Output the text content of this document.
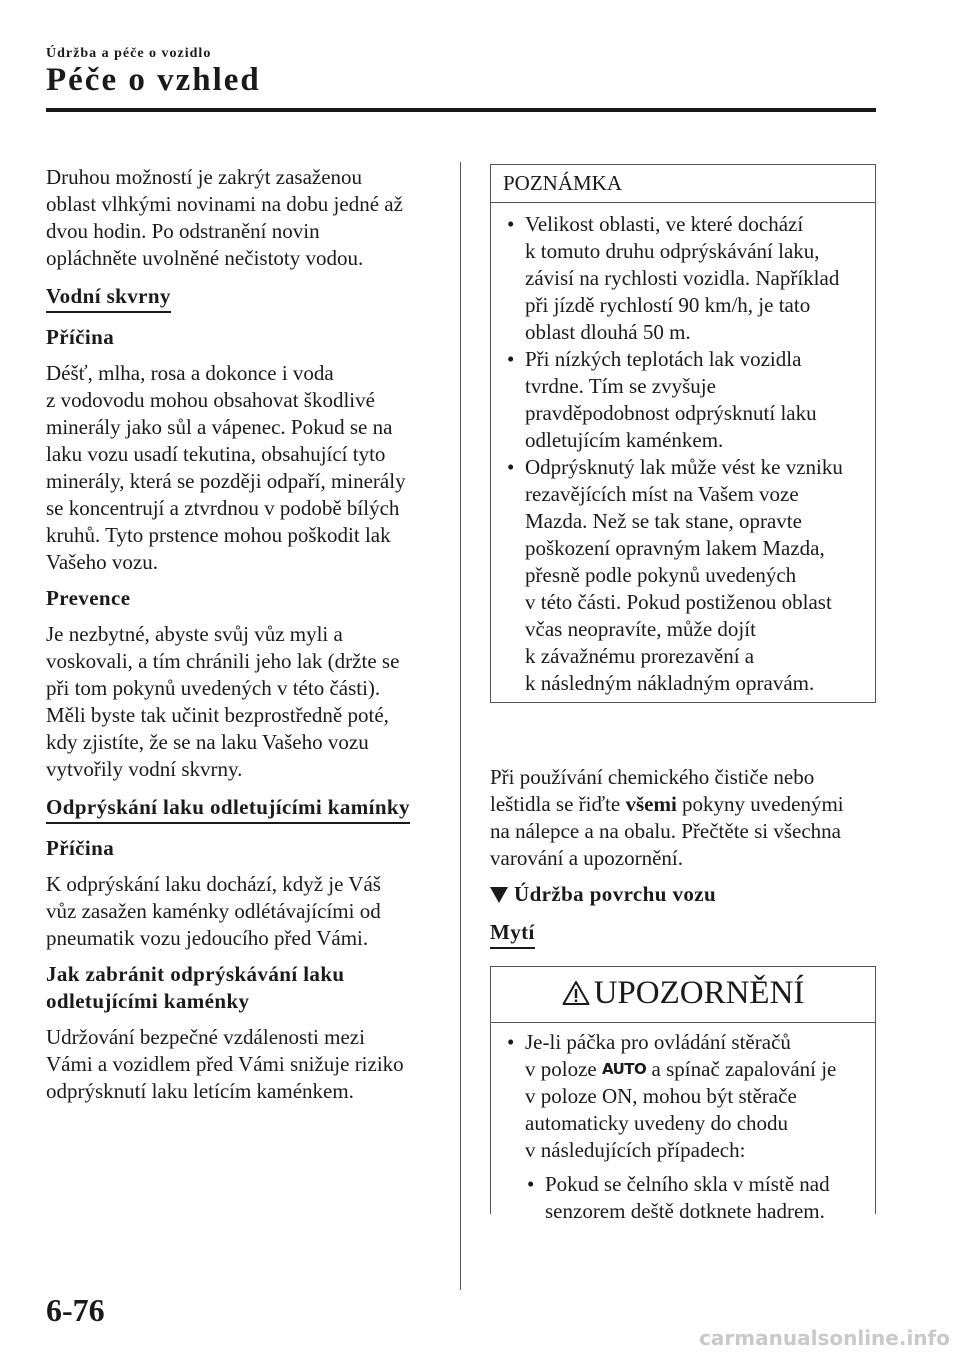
Údržba a péče o vozidlo
Péče o vzhled

Druhou možností je zakrýt zasaženou
oblast vlhkými novinami na dobu jedné až
dvou hodin. Po odstranění novin
opláchněte uvolněné nečistoty vodou.

Vodní skvrny
Příčina

Déšť, mlha, rosa a dokonce i voda
z vodovodu mohou obsahovat škodlivé
minerály jako sůl a vápenec. Pokud se na
laku vozu usadí tekutina, obsahující tyto
minerály, která se později odpaří, minerály
se koncentrují a ztvrdnou v podobě bílých
kruhů. Tyto prstence mohou poškodit lak
Vašeho vozu.

Prevence

Je nezbytné, abyste svůj vůz myli a
voskovali, a tím chránili jeho lak (držte se
při tom pokynů uvedených v této části).
Měli byste tak učinit bezprostředně poté,
kdy zjistíte, že se na laku Vašeho vozu
vytvořily vodní skvrny.

Odprýskání laku odletujícími kamínky
Příčina

K odprýskání laku dochází, když je Váš
vůz zasažen kaménky odlétávajícími od
pneumatik vozu jedoucího před Vámi.

Jak zabránit odprýskávání laku
odletujícími kaménky

Udržování bezpečné vzdálenosti mezi
Vámi a vozidlem před Vámi snižuje riziko
odprýsknutí laku letícím kaménkem.

POZNÁMKA
• Velikost oblasti, ve které dochází
k tomuto druhu odprýskávání laku,
závisí na rychlosti vozidla. Například
při jízdě rychlostí 90 km/h, je tato
oblast dlouhá 50 m.
• Při nízkých teplotách lak vozidla
tvrdne. Tím se zvyšuje
pravděpodobnost odprýsknutí laku
odletujícím kaménkem.
• Odprýsknutý lak může vést ke vzniku
rezavějících míst na Vašem voze
Mazda. Než se tak stane, opravte
poškození opravným lakem Mazda,
přesně podle pokynů uvedených
v této části. Pokud postiženou oblast
včas neopravíte, může dojít
k závažnému prorezavění a
k následným nákladným opravám.

Při používání chemického čističe nebo
leštidla se řiďte všemi pokyny uvedenými
na nálepce a na obalu. Přečtěte si všechna
varování a upozornění.

Údržba povrchu vozu
Mytí
UPOZORNĚNÍ
• Je-li páčka pro ovládání stěračů
v poloze AUTO a spínač zapalování je
v poloze ON, mohou být stěrače
automaticky uvedeny do chodu
v následujících případech:
• Pokud se čelního skla v místě nad
senzorem deště dotknete hadrem.
6-76
carmanualsonline.info
